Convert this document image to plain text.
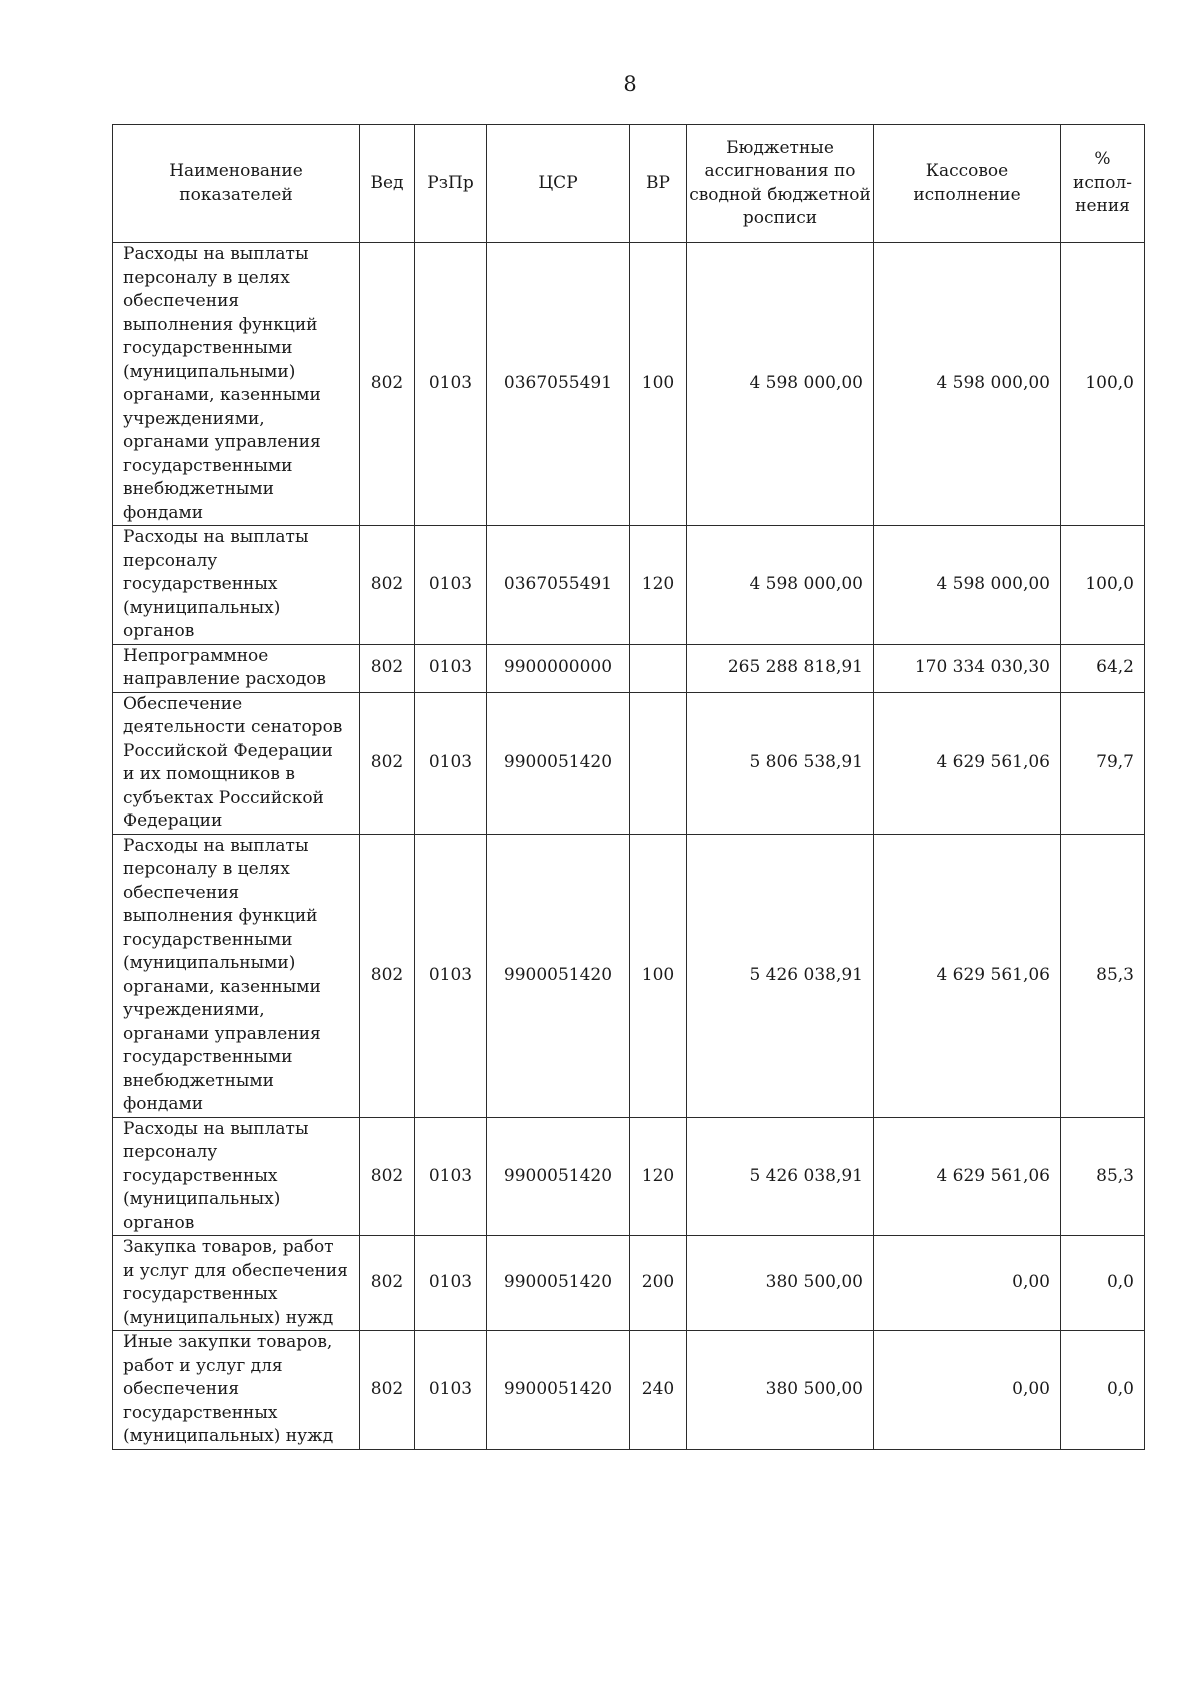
8
Наименование показателей	Вед	РзПр	ЦСР	ВР	Бюджетные ассигнования по сводной бюджетной росписи	Кассовое исполнение	% испол-нения
Расходы на выплаты персоналу в целях обеспечения выполнения функций государственными (муниципальными) органами, казенными учреждениями, органами управления государственными внебюджетными фондами	802	0103	0367055491	100	4 598 000,00	4 598 000,00	100,0
Расходы на выплаты персоналу государственных (муниципальных) органов	802	0103	0367055491	120	4 598 000,00	4 598 000,00	100,0
Непрограммное направление расходов	802	0103	9900000000		265 288 818,91	170 334 030,30	64,2
Обеспечение деятельности сенаторов Российской Федерации и их помощников в субъектах Российской Федерации	802	0103	9900051420		5 806 538,91	4 629 561,06	79,7
Расходы на выплаты персоналу в целях обеспечения выполнения функций государственными (муниципальными) органами, казенными учреждениями, органами управления государственными внебюджетными фондами	802	0103	9900051420	100	5 426 038,91	4 629 561,06	85,3
Расходы на выплаты персоналу государственных (муниципальных) органов	802	0103	9900051420	120	5 426 038,91	4 629 561,06	85,3
Закупка товаров, работ и услуг для обеспечения государственных (муниципальных) нужд	802	0103	9900051420	200	380 500,00	0,00	0,0
Иные закупки товаров, работ и услуг для обеспечения государственных (муниципальных) нужд	802	0103	9900051420	240	380 500,00	0,00	0,0
